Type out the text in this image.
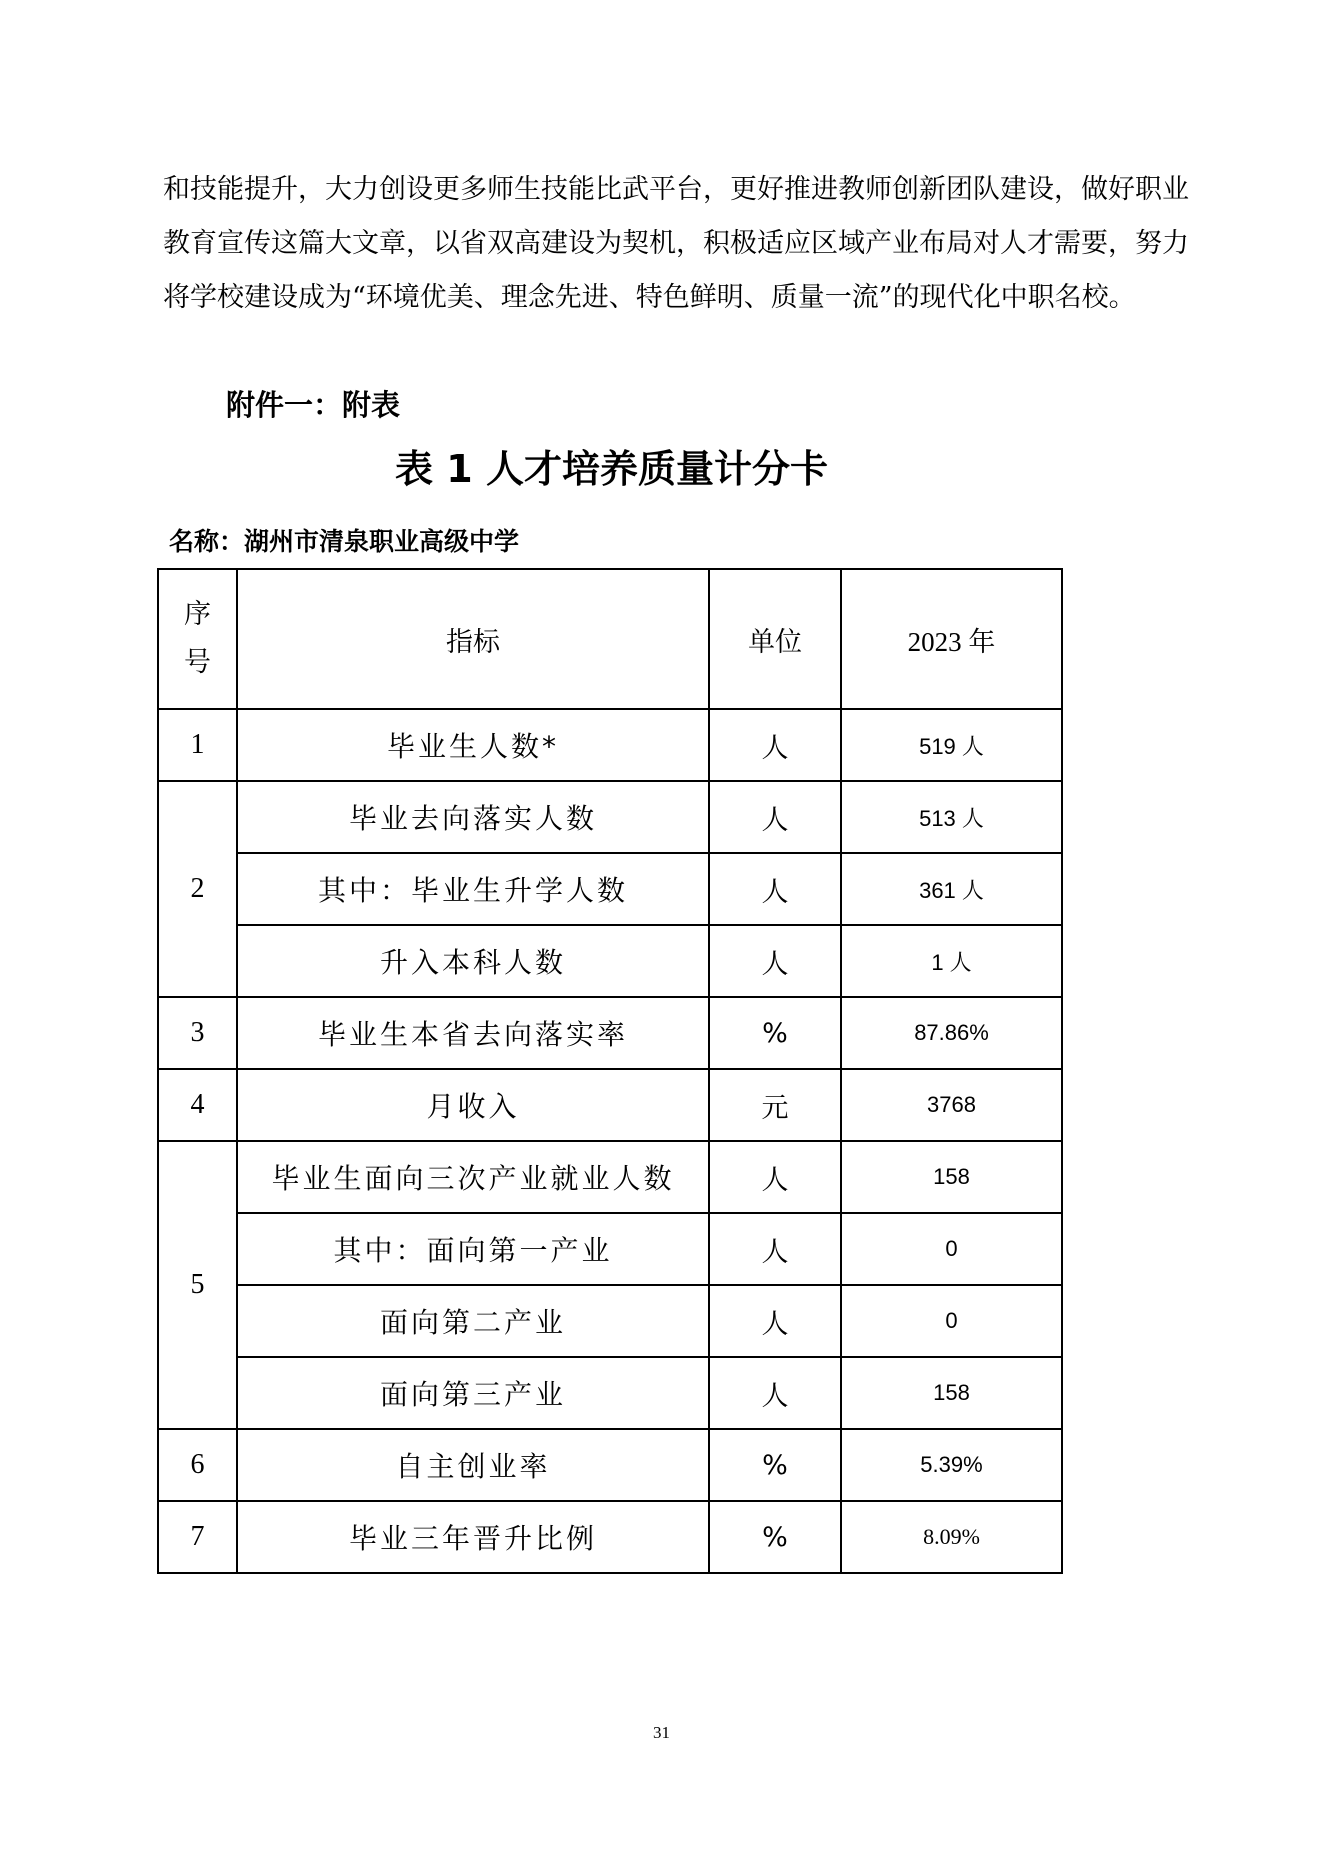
和技能提升，大力创设更多师生技能比武平台，更好推进教师创新团队建设，做好职业
教育宣传这篇大文章，以省双高建设为契机，积极适应区域产业布局对人才需要，努力
将学校建设成为“环境优美、理念先进、特色鲜明、质量一流”的现代化中职名校。
附件一：附表
表 1 人才培养质量计分卡

名称：湖州市清泉职业高级中学

序
号	指标	单位	2023 年
1	毕业生人数*	人	519 人
2	毕业去向落实人数	人	513 人
	其中：毕业生升学人数	人	361 人
	升入本科人数	人	1 人
3	毕业生本省去向落实率	%	87.86%
4	月收入	元	3768
5	毕业生面向三次产业就业人数	人	158
	其中：面向第一产业	人	0
	面向第二产业	人	0
	面向第三产业	人	158
6	自主创业率	%	5.39%
7	毕业三年晋升比例	%	8.09%

31
